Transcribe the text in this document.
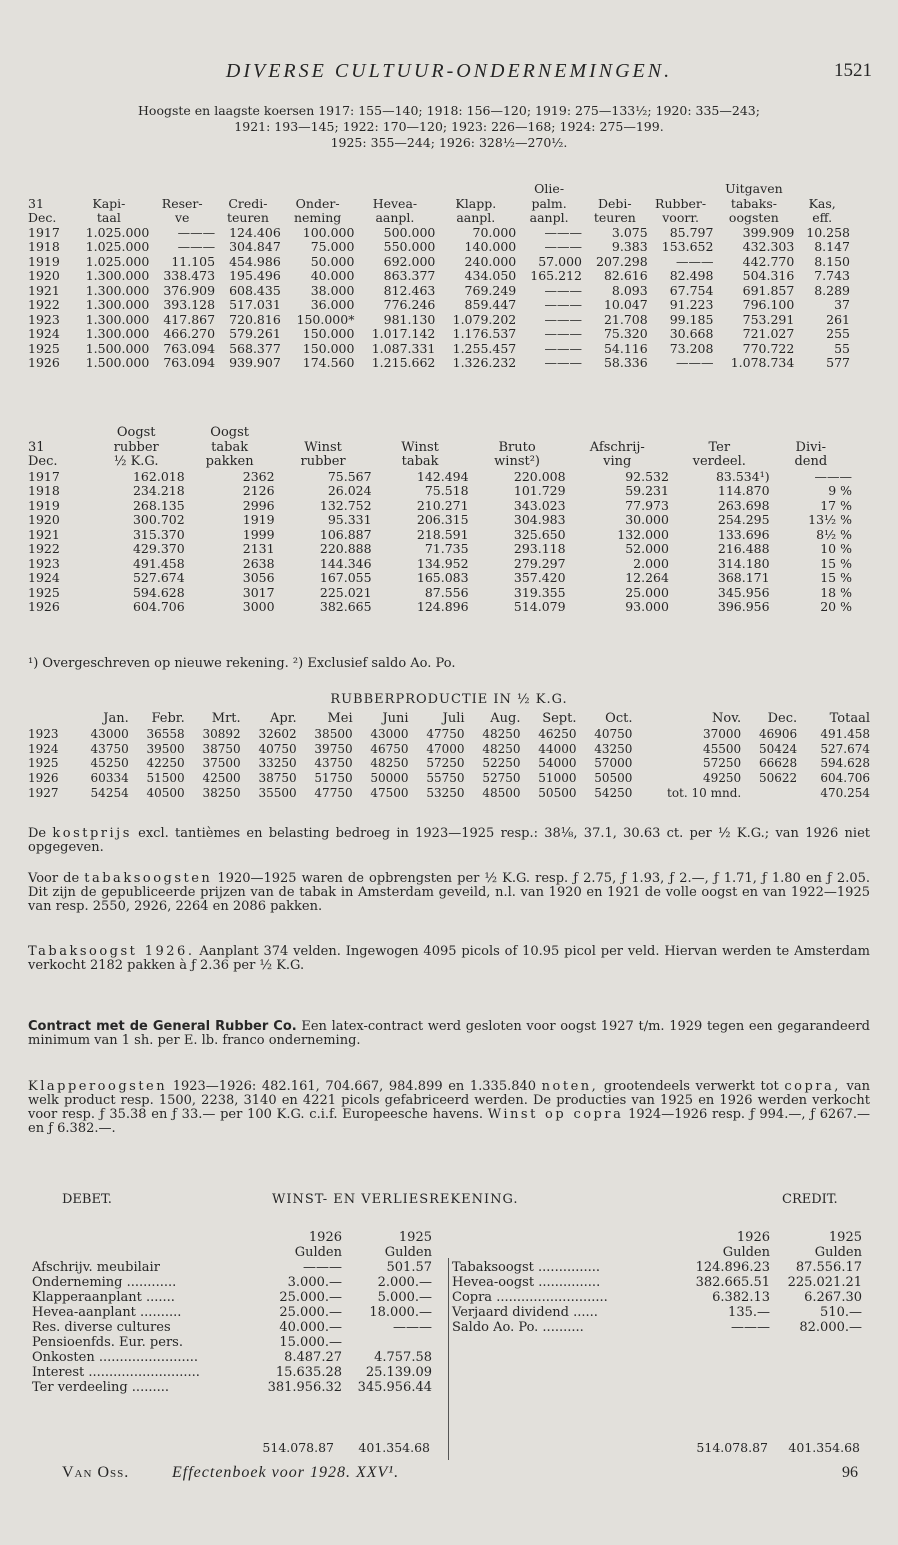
DIVERSE CULTUUR-ONDERNEMINGEN.	1521
Hoogste en laagste koersen 1917: 155—140; 1918: 156—120; 1919: 275—133½; 1920: 335—243;
1921: 193—145; 1922: 170—120; 1923: 226—168; 1924: 275—199.
1925: 355—244; 1926: 328½—270½.
							Olie-			Uitgaven	
31	Kapi-	Reser-	Credi-	Onder-	Hevea-	Klapp.	palm.	Debi-	Rubber-	tabaks-	Kas,
Dec.	taal	ve	teuren	neming	aanpl.	aanpl.	aanpl.	teuren	voorr.	oogsten	eff.
1917	1.025.000	———	124.406	100.000	500.000	70.000	———	3.075	85.797	399.909	10.258
1918	1.025.000	———	304.847	75.000	550.000	140.000	———	9.383	153.652	432.303	8.147
1919	1.025.000	11.105	454.986	50.000	692.000	240.000	57.000	207.298	———	442.770	8.150
1920	1.300.000	338.473	195.496	40.000	863.377	434.050	165.212	82.616	82.498	504.316	7.743
1921	1.300.000	376.909	608.435	38.000	812.463	769.249	———	8.093	67.754	691.857	8.289
1922	1.300.000	393.128	517.031	36.000	776.246	859.447	———	10.047	91.223	796.100	37
1923	1.300.000	417.867	720.816	150.000*	981.130	1.079.202	———	21.708	99.185	753.291	261
1924	1.300.000	466.270	579.261	150.000	1.017.142	1.176.537	———	75.320	30.668	721.027	255
1925	1.500.000	763.094	568.377	150.000	1.087.331	1.255.457	———	54.116	73.208	770.722	55
1926	1.500.000	763.094	939.907	174.560	1.215.662	1.326.232	———	58.336	———	1.078.734	577
	Oogst	Oogst						
31	rubber	tabak	Winst	Winst	Bruto	Afschrij-	Ter	Divi-
Dec.	½ K.G.	pakken	rubber	tabak	winst²)	ving	verdeel.	dend
1917	162.018	2362	75.567	142.494	220.008	92.532	83.534¹)	———
1918	234.218	2126	26.024	75.518	101.729	59.231	114.870	9 %
1919	268.135	2996	132.752	210.271	343.023	77.973	263.698	17 %
1920	300.702	1919	95.331	206.315	304.983	30.000	254.295	13½ %
1921	315.370	1999	106.887	218.591	325.650	132.000	133.696	8½ %
1922	429.370	2131	220.888	71.735	293.118	52.000	216.488	10 %
1923	491.458	2638	144.346	134.952	279.297	2.000	314.180	15 %
1924	527.674	3056	167.055	165.083	357.420	12.264	368.171	15 %
1925	594.628	3017	225.021	87.556	319.355	25.000	345.956	18 %
1926	604.706	3000	382.665	124.896	514.079	93.000	396.956	20 %
¹) Overgeschreven op nieuwe rekening. ²) Exclusief saldo Ao. Po.
RUBBERPRODUCTIE IN ½ K.G.
	Jan.	Febr.	Mrt.	Apr.	Mei	Juni	Juli	Aug.	Sept.	Oct.	Nov.	Dec.	Totaal
1923	43000	36558	30892	32602	38500	43000	47750	48250	46250	40750	37000	46906	491.458
1924	43750	39500	38750	40750	39750	46750	47000	48250	44000	43250	45500	50424	527.674
1925	45250	42250	37500	33250	43750	48250	57250	52250	54000	57000	57250	66628	594.628
1926	60334	51500	42500	38750	51750	50000	55750	52750	51000	50500	49250	50622	604.706
1927	54254	40500	38250	35500	47750	47500	53250	48500	50500	54250	tot. 10 mnd.		470.254
De kostprijs excl. tantièmes en belasting bedroeg in 1923—1925 resp.: 38⅛, 37.1, 30.63 ct. per ½ K.G.; van 1926 niet opgegeven.
Voor de tabaksoogsten 1920—1925 waren de opbrengsten per ½ K.G. resp. ƒ 2.75, ƒ 1.93, ƒ 2.—, ƒ 1.71, ƒ 1.80 en ƒ 2.05. Dit zijn de gepubliceerde prijzen van de tabak in Amsterdam geveild, n.l. van 1920 en 1921 de volle oogst en van 1922—1925 van resp. 2550, 2926, 2264 en 2086 pakken.
Tabaksoogst 1926. Aanplant 374 velden. Ingewogen 4095 picols of 10.95 picol per veld. Hiervan werden te Amsterdam verkocht 2182 pakken à ƒ 2.36 per ½ K.G.
Contract met de General Rubber Co. Een latex-contract werd gesloten voor oogst 1927 t/m. 1929 tegen een gegarandeerd minimum van 1 sh. per E. lb. franco onderneming.
Klapperoogsten 1923—1926: 482.161, 704.667, 984.899 en 1.335.840 noten, grootendeels verwerkt tot copra, van welk product resp. 1500, 2238, 3140 en 4221 picols gefabriceerd werden. De producties van 1925 en 1926 werden verkocht voor resp. ƒ 35.38 en ƒ 33.— per 100 K.G. c.i.f. Europeesche havens. Winst op copra 1924—1926 resp. ƒ 994.—, ƒ 6267.— en ƒ 6.382.—.
DEBET.	WINST- EN VERLIESREKENING.	CREDIT.
	1926	1925
	Gulden	Gulden
Afschrijv. meubilair	———	501.57
Onderneming ............	3.000.—	2.000.—
Klapperaanplant .......	25.000.—	5.000.—
Hevea-aanplant ..........	25.000.—	18.000.—
Res. diverse cultures	40.000.—	———
Pensioenfds. Eur. pers.	15.000.—	
Onkosten ........................	8.487.27	4.757.58
Interest ...........................	15.635.28	25.139.09
Ter verdeeling .........	381.956.32	345.956.44
	1926	1925
	Gulden	Gulden
Tabaksoogst ...............	124.896.23	87.556.17
Hevea-oogst ...............	382.665.51	225.021.21
Copra ...........................	6.382.13	6.267.30
Verjaard dividend ......	135.—	510.—
Saldo Ao. Po. ..........	———	82.000.—
514.078.87 401.354.68	514.078.87 401.354.68
Van Oss.	Effectenboek voor 1928. XXV¹.	96
